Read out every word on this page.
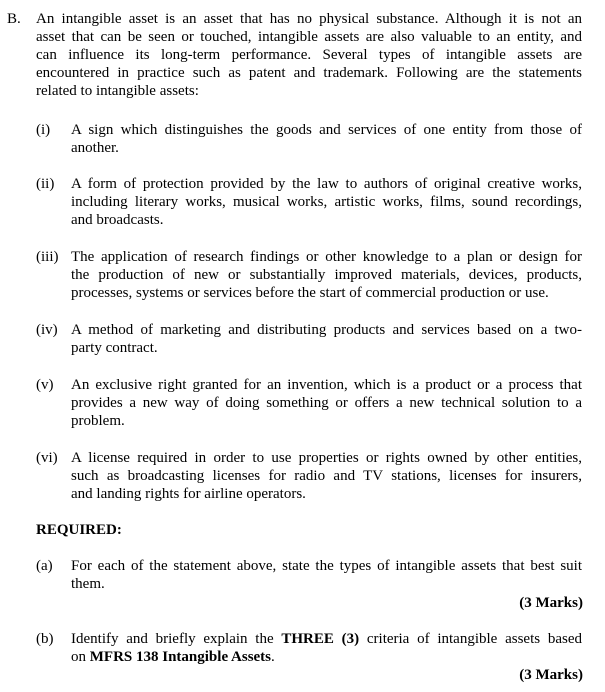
B. An intangible asset is an asset that has no physical substance. Although it is not an
asset that can be seen or touched, intangible assets are also valuable to an entity, and
can influence its long-term performance. Several types of intangible assets are
encountered in practice such as patent and trademark. Following are the statements
related to intangible assets:
(i) A sign which distinguishes the goods and services of one entity from those of
another.
(ii) A form of protection provided by the law to authors of original creative works,
including literary works, musical works, artistic works, films, sound recordings,
and broadcasts.
(iii) The application of research findings or other knowledge to a plan or design for
the production of new or substantially improved materials, devices, products,
processes, systems or services before the start of commercial production or use.
(iv) A method of marketing and distributing products and services based on a two-
party contract.
(v) An exclusive right granted for an invention, which is a product or a process that
provides a new way of doing something or offers a new technical solution to a
problem.
(vi) A license required in order to use properties or rights owned by other entities,
such as broadcasting licenses for radio and TV stations, licenses for insurers,
and landing rights for airline operators.
REQUIRED:
(a) For each of the statement above, state the types of intangible assets that best suit
them.
(3 Marks)
(b) Identify and briefly explain the THREE (3) criteria of intangible assets based
on MFRS 138 Intangible Assets.
(3 Marks)
